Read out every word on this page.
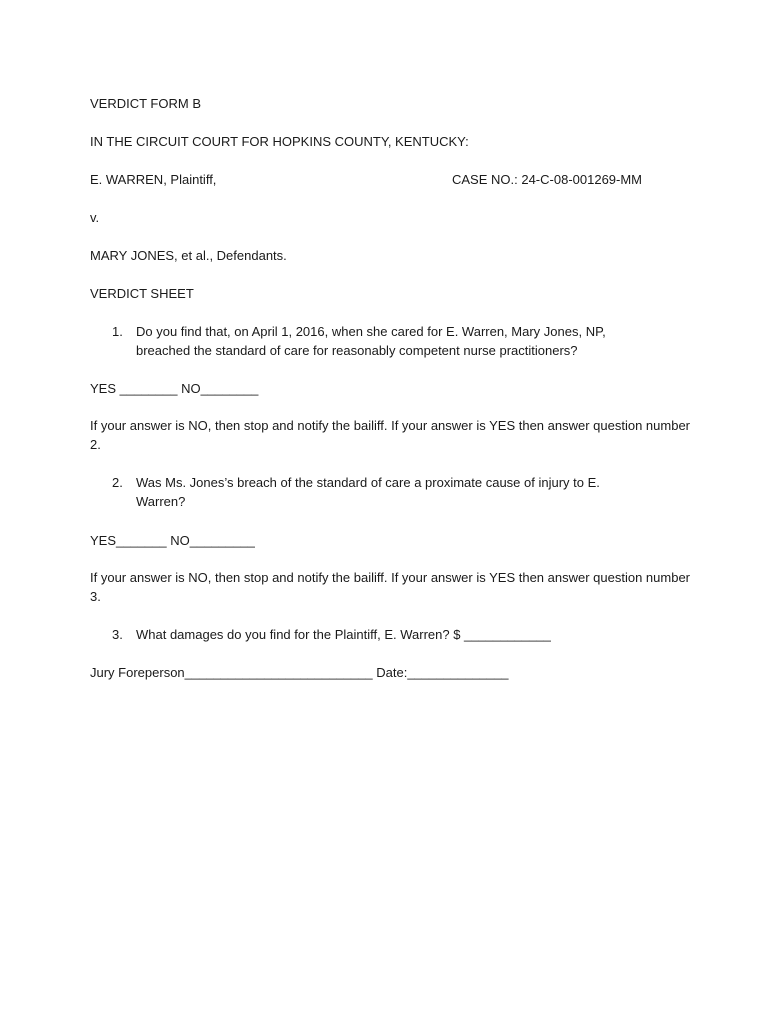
VERDICT FORM B
IN THE CIRCUIT COURT FOR HOPKINS COUNTY, KENTUCKY:
E. WARREN, Plaintiff,	CASE NO.: 24-C-08-001269-MM
v.
MARY JONES, et al., Defendants.
VERDICT SHEET
1. Do you find that, on April 1, 2016, when she cared for E. Warren, Mary Jones, NP, breached the standard of care for reasonably competent nurse practitioners?
YES ________ NO________
If your answer is NO, then stop and notify the bailiff. If your answer is YES then answer question number 2.
2. Was Ms. Jones’s breach of the standard of care a proximate cause of injury to E. Warren?
YES_______ NO_________
If your answer is NO, then stop and notify the bailiff. If your answer is YES then answer question number 3.
3. What damages do you find for the Plaintiff, E. Warren? $ ____________
Jury Foreperson__________________________ Date:______________
